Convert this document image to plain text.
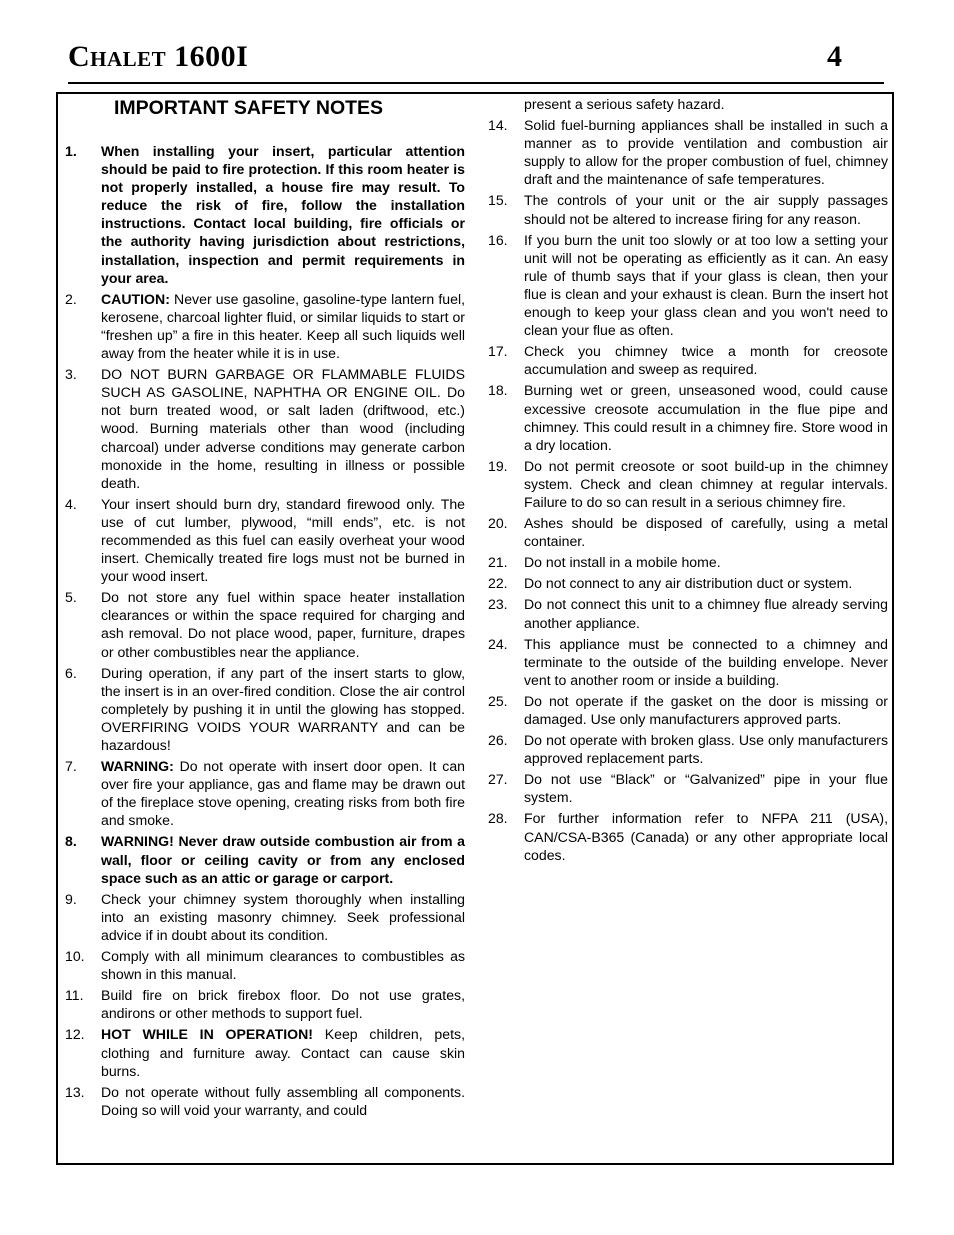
Chalet 1600I	4
IMPORTANT SAFETY NOTES
1. When installing your insert, particular attention should be paid to fire protection. If this room heater is not properly installed, a house fire may result. To reduce the risk of fire, follow the installation instructions. Contact local building, fire officials or the authority having jurisdiction about restrictions, installation, inspection and permit requirements in your area.
2. CAUTION: Never use gasoline, gasoline-type lantern fuel, kerosene, charcoal lighter fluid, or similar liquids to start or “freshen up” a fire in this heater. Keep all such liquids well away from the heater while it is in use.
3. DO NOT BURN GARBAGE OR FLAMMABLE FLUIDS SUCH AS GASOLINE, NAPHTHA OR ENGINE OIL. Do not burn treated wood, or salt laden (driftwood, etc.) wood. Burning materials other than wood (including charcoal) under adverse conditions may generate carbon monoxide in the home, resulting in illness or possible death.
4. Your insert should burn dry, standard firewood only. The use of cut lumber, plywood, “mill ends”, etc. is not recommended as this fuel can easily overheat your wood insert. Chemically treated fire logs must not be burned in your wood insert.
5. Do not store any fuel within space heater installation clearances or within the space required for charging and ash removal. Do not place wood, paper, furniture, drapes or other combustibles near the appliance.
6. During operation, if any part of the insert starts to glow, the insert is in an over-fired condition. Close the air control completely by pushing it in until the glowing has stopped. OVERFIRING VOIDS YOUR WARRANTY and can be hazardous!
7. WARNING: Do not operate with insert door open. It can over fire your appliance, gas and flame may be drawn out of the fireplace stove opening, creating risks from both fire and smoke.
8. WARNING! Never draw outside combustion air from a wall, floor or ceiling cavity or from any enclosed space such as an attic or garage or carport.
9. Check your chimney system thoroughly when installing into an existing masonry chimney. Seek professional advice if in doubt about its condition.
10. Comply with all minimum clearances to combustibles as shown in this manual.
11. Build fire on brick firebox floor. Do not use grates, andirons or other methods to support fuel.
12. HOT WHILE IN OPERATION! Keep children, pets, clothing and furniture away. Contact can cause skin burns.
13. Do not operate without fully assembling all components. Doing so will void your warranty, and could
present a serious safety hazard.
14. Solid fuel-burning appliances shall be installed in such a manner as to provide ventilation and combustion air supply to allow for the proper combustion of fuel, chimney draft and the maintenance of safe temperatures.
15. The controls of your unit or the air supply passages should not be altered to increase firing for any reason.
16. If you burn the unit too slowly or at too low a setting your unit will not be operating as efficiently as it can. An easy rule of thumb says that if your glass is clean, then your flue is clean and your exhaust is clean. Burn the insert hot enough to keep your glass clean and you won't need to clean your flue as often.
17. Check you chimney twice a month for creosote accumulation and sweep as required.
18. Burning wet or green, unseasoned wood, could cause excessive creosote accumulation in the flue pipe and chimney. This could result in a chimney fire. Store wood in a dry location.
19. Do not permit creosote or soot build-up in the chimney system. Check and clean chimney at regular intervals. Failure to do so can result in a serious chimney fire.
20. Ashes should be disposed of carefully, using a metal container.
21. Do not install in a mobile home.
22. Do not connect to any air distribution duct or system.
23. Do not connect this unit to a chimney flue already serving another appliance.
24. This appliance must be connected to a chimney and terminate to the outside of the building envelope. Never vent to another room or inside a building.
25. Do not operate if the gasket on the door is missing or damaged. Use only manufacturers approved parts.
26. Do not operate with broken glass. Use only manufacturers approved replacement parts.
27. Do not use “Black” or “Galvanized” pipe in your flue system.
28. For further information refer to NFPA 211 (USA), CAN/CSA-B365 (Canada) or any other appropriate local codes.
